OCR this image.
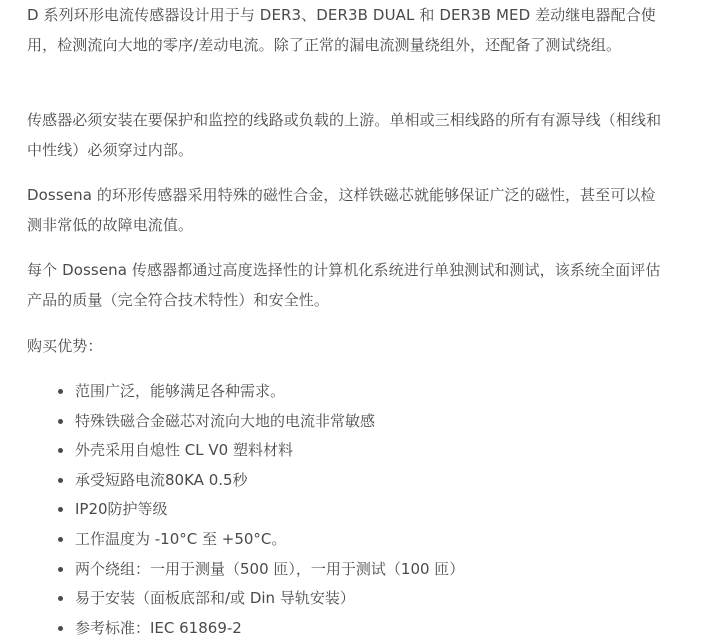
D 系列环形电流传感器设计用于与 DER3、DER3B DUAL 和 DER3B MED 差动继电器配合使用，检测流向大地的零序/差动电流。除了正常的漏电流测量绕组外，还配备了测试绕组。

传感器必须安装在要保护和监控的线路或负载的上游。单相或三相线路的所有有源导线（相线和中性线）必须穿过内部。

Dossena 的环形传感器采用特殊的磁性合金，这样铁磁芯就能够保证广泛的磁性，甚至可以检测非常低的故障电流值。

每个 Dossena 传感器都通过高度选择性的计算机化系统进行单独测试和测试，该系统全面评估产品的质量（完全符合技术特性）和安全性。

购买优势：

范围广泛，能够满足各种需求。
特殊铁磁合金磁芯对流向大地的电流非常敏感
外壳采用自熄性 CL V0 塑料材料
承受短路电流80KA 0.5秒
IP20防护等级
工作温度为 -10°C 至 +50°C。
两个绕组：一用于测量（500 匝），一用于测试（100 匝）
易于安装（面板底部和/或 Din 导轨安装）
参考标准：IEC 61869-2
